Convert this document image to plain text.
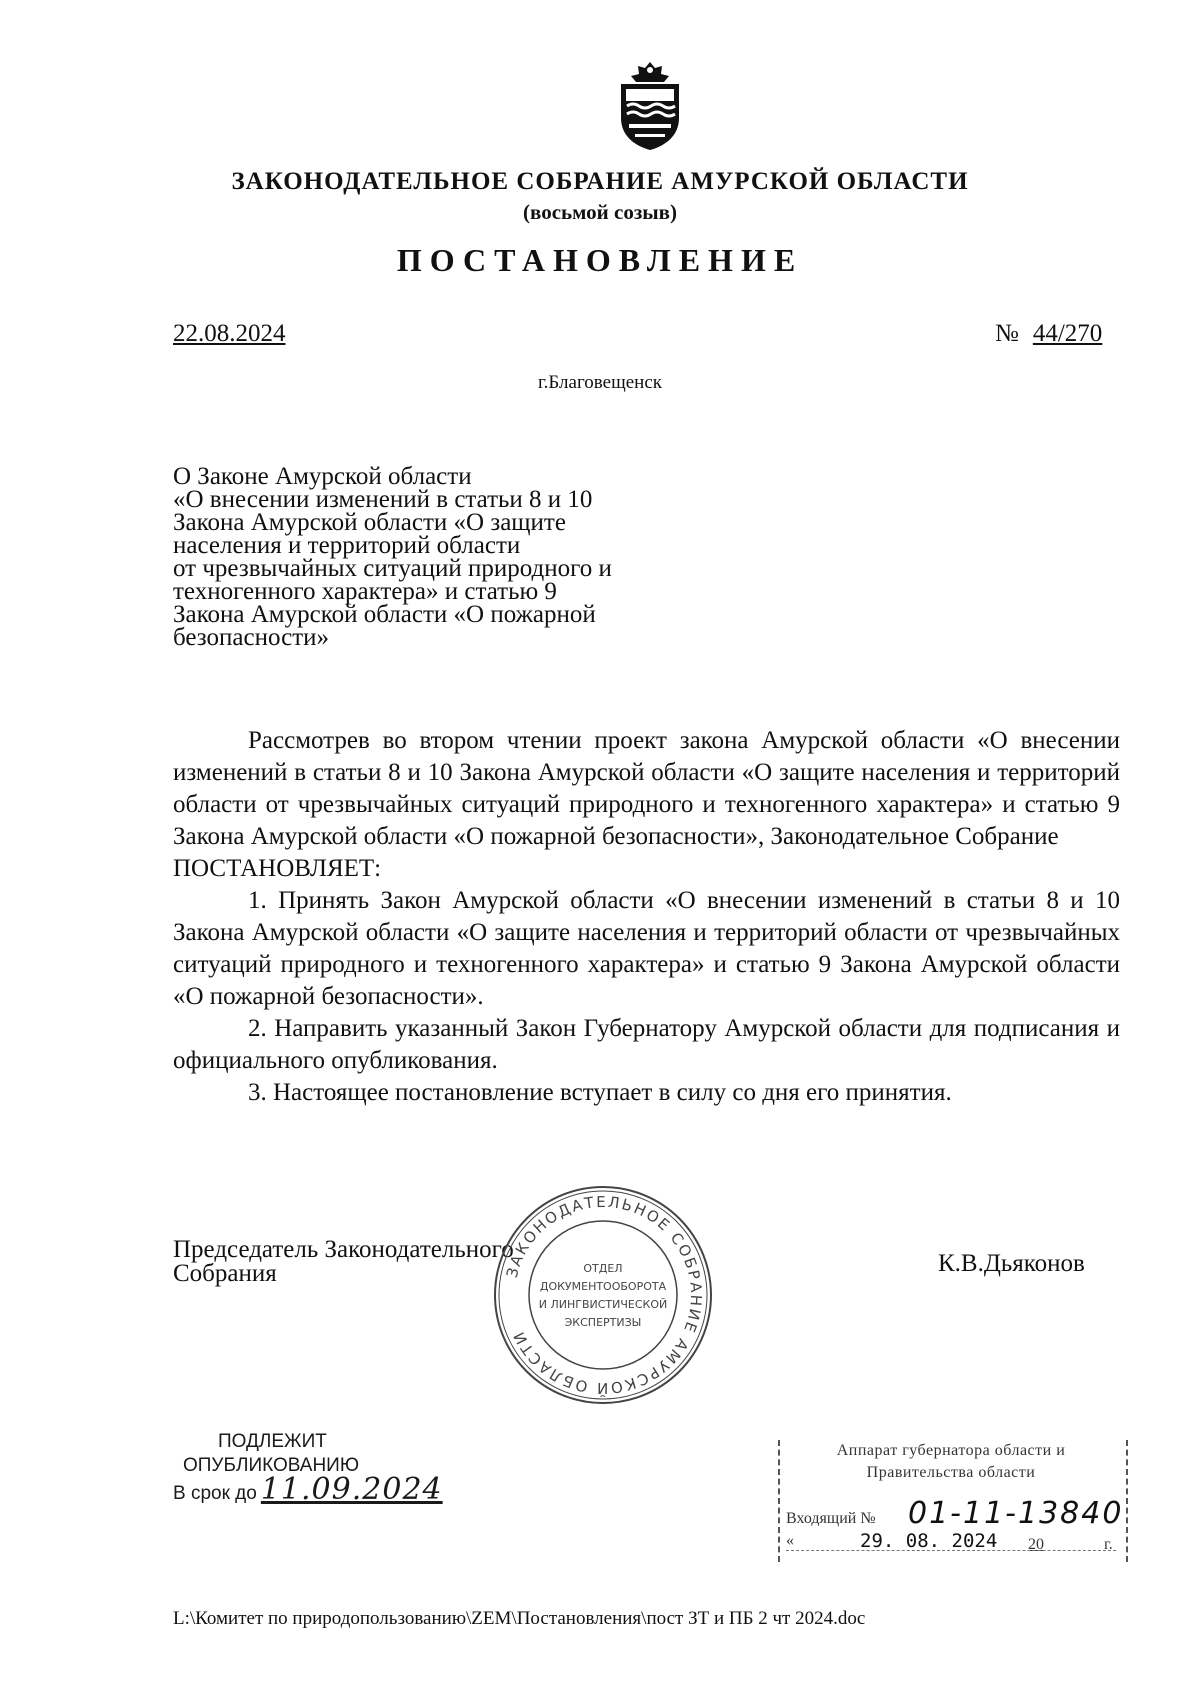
ЗАКОНОДАТЕЛЬНОЕ СОБРАНИЕ АМУРСКОЙ ОБЛАСТИ
(восьмой созыв)
ПОСТАНОВЛЕНИЕ
22.08.2024	№ 44/270
г.Благовещенск
О Законе Амурской области
«О внесении изменений в статьи 8 и 10
Закона Амурской области «О защите
населения и территорий области
от чрезвычайных ситуаций природного и
техногенного характера» и статью 9
Закона Амурской области «О пожарной
безопасности»

Рассмотрев во втором чтении проект закона Амурской области «О внесении изменений в статьи 8 и 10 Закона Амурской области «О защите населения и территорий области от чрезвычайных ситуаций природного и техногенного характера» и статью 9 Закона Амурской области «О пожарной безопасности», Законодательное Собрание

ПОСТАНОВЛЯЕТ:

1. Принять Закон Амурской области «О внесении изменений в статьи 8 и 10 Закона Амурской области «О защите населения и территорий области от чрезвычайных ситуаций природного и техногенного характера» и статью 9 Закона Амурской области «О пожарной безопасности».

2. Направить указанный Закон Губернатору Амурской области для подписания и официального опубликования.

3. Настоящее постановление вступает в силу со дня его принятия.

Председатель Законодательного
Собрания	К.В.Дьяконов
ЗАКОНОДАТЕЛЬНОЕ СОБРАНИЕ АМУРСКОЙ ОБЛАСТИ
ОТДЕЛ
ДОКУМЕНТООБОРОТА
И ЛИНГВИСТИЧЕСКОЙ
ЭКСПЕРТИЗЫ
ПОДЛЕЖИТ
ОПУБЛИКОВАНИЮ
В срок до 11.09.2024
Аппарат губернатора области и
Правительства области
Входящий № 01-11-13840
«	29. 08. 2024 20	г.
L:\Комитет по природопользованию\ZEM\Постановления\пост ЗТ и ПБ 2 чт 2024.doc
